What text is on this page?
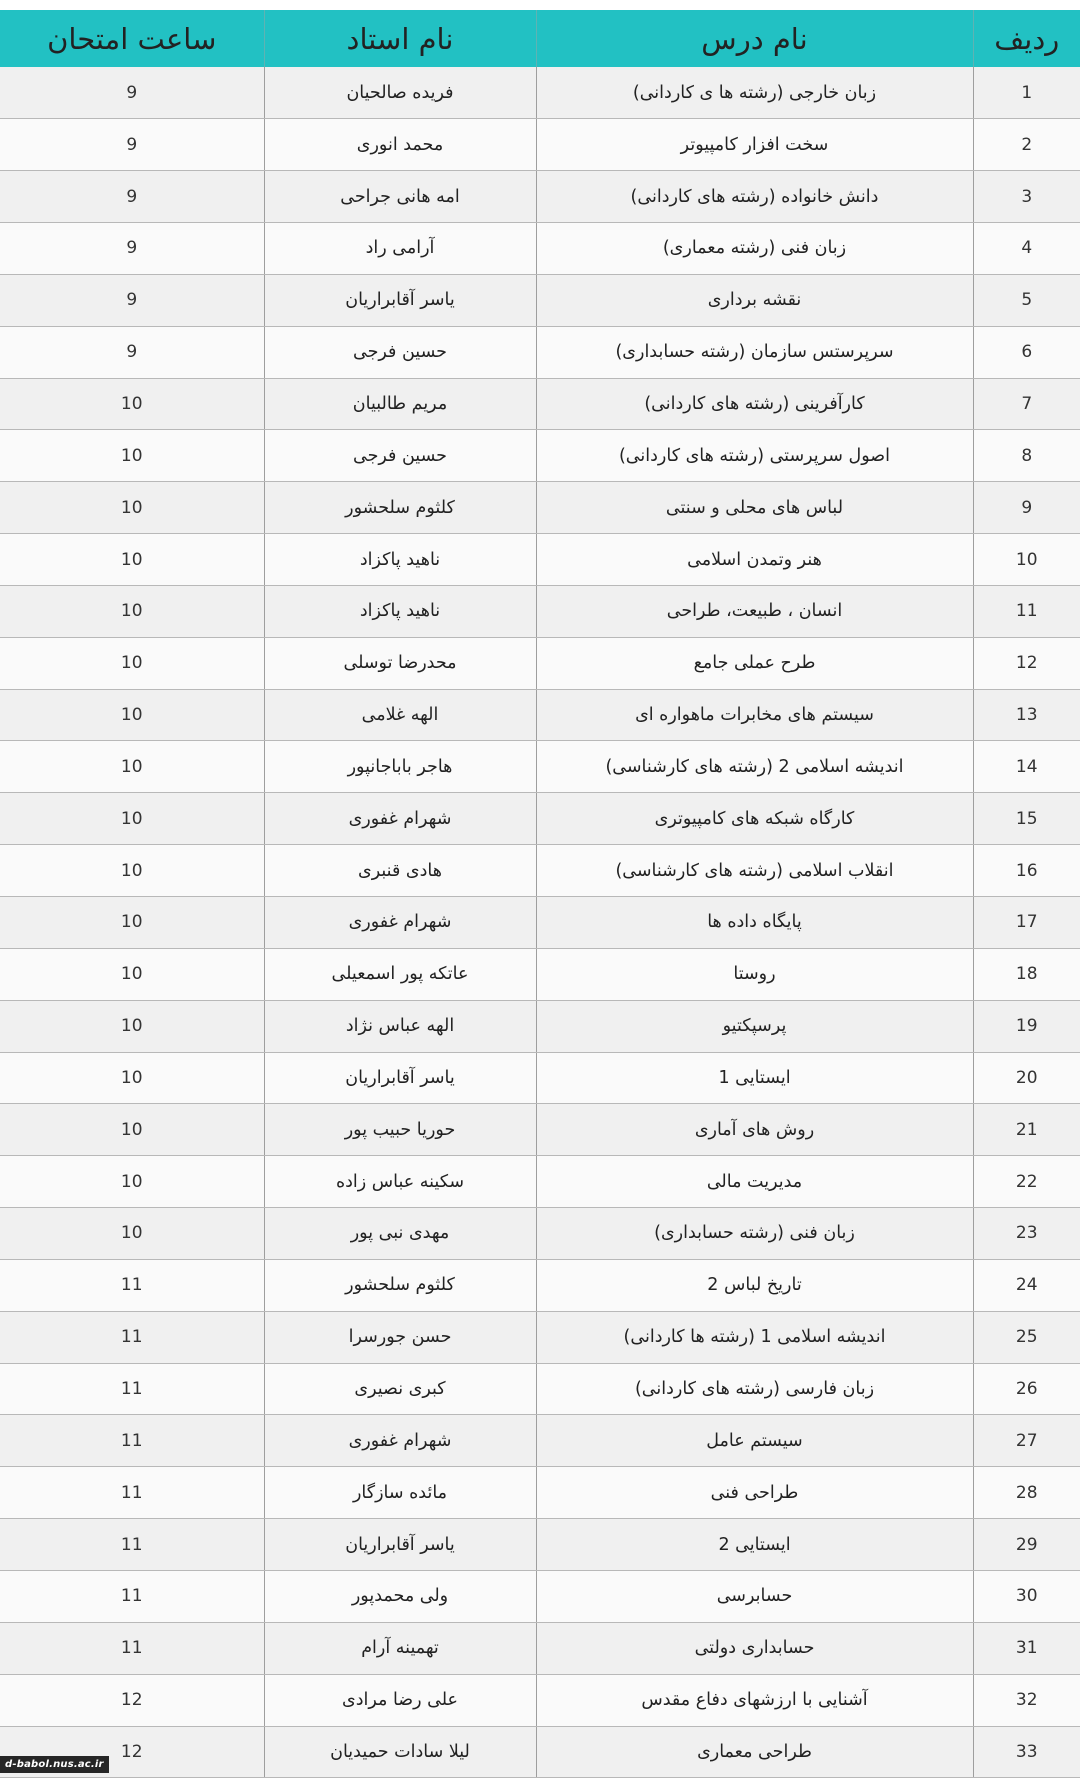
ردیف	نام درس	نام استاد	ساعت امتحان
1	زبان خارجی (رشته ها ی کاردانی)	فریده صالحیان	9
2	سخت افزار کامپیوتر	محمد انوری	9
3	دانش خانواده (رشته های کاردانی)	امه هانی جراحی	9
4	زبان فنی (رشته معماری)	آرامی راد	9
5	نقشه برداری	یاسر آقابراریان	9
6	سرپرستس سازمان (رشته حسابداری)	حسین فرجی	9
7	کارآفرینی (رشته های کاردانی)	مریم طالبیان	10
8	اصول سرپرستی (رشته های کاردانی)	حسین فرجی	10
9	لباس های محلی و سنتی	کلثوم سلحشور	10
10	هنر وتمدن اسلامی	ناهید پاکزاد	10
11	انسان ، طبیعت، طراحی	ناهید پاکزاد	10
12	طرح عملی جامع	محدرضا توسلی	10
13	سیستم های مخابرات ماهواره ای	الهه غلامی	10
14	اندیشه اسلامی 2 (رشته های کارشناسی)	هاجر باباجانپور	10
15	کارگاه شبکه های کامپیوتری	شهرام غفوری	10
16	انقلاب اسلامی (رشته های کارشناسی)	هادی قنبری	10
17	پایگاه داده ها	شهرام غفوری	10
18	روستا	عاتکه پور اسمعیلی	10
19	پرسپکتیو	الهه عباس نژاد	10
20	ایستایی 1	یاسر آقابراریان	10
21	روش های آماری	حوریا حبیب پور	10
22	مدیریت مالی	سکینه عباس زاده	10
23	زبان فنی (رشته حسابداری)	مهدی نبی پور	10
24	تاریخ لباس 2	کلثوم سلحشور	11
25	اندیشه اسلامی 1 (رشته ها کاردانی)	حسن جورسرا	11
26	زبان فارسی (رشته های کاردانی)	کبری نصیری	11
27	سیستم عامل	شهرام غفوری	11
28	طراحی فنی	مائده سازگار	11
29	ایستایی 2	یاسر آقابراریان	11
30	حسابرسی	ولی محمدپور	11
31	حسابداری دولتی	تهمینه آرام	11
32	آشنایی با ارزشهای دفاع مقدس	علی رضا مرادی	12
33	طراحی معماری	لیلا سادات حمیدیان	12
d-babol.nus.ac.ir
